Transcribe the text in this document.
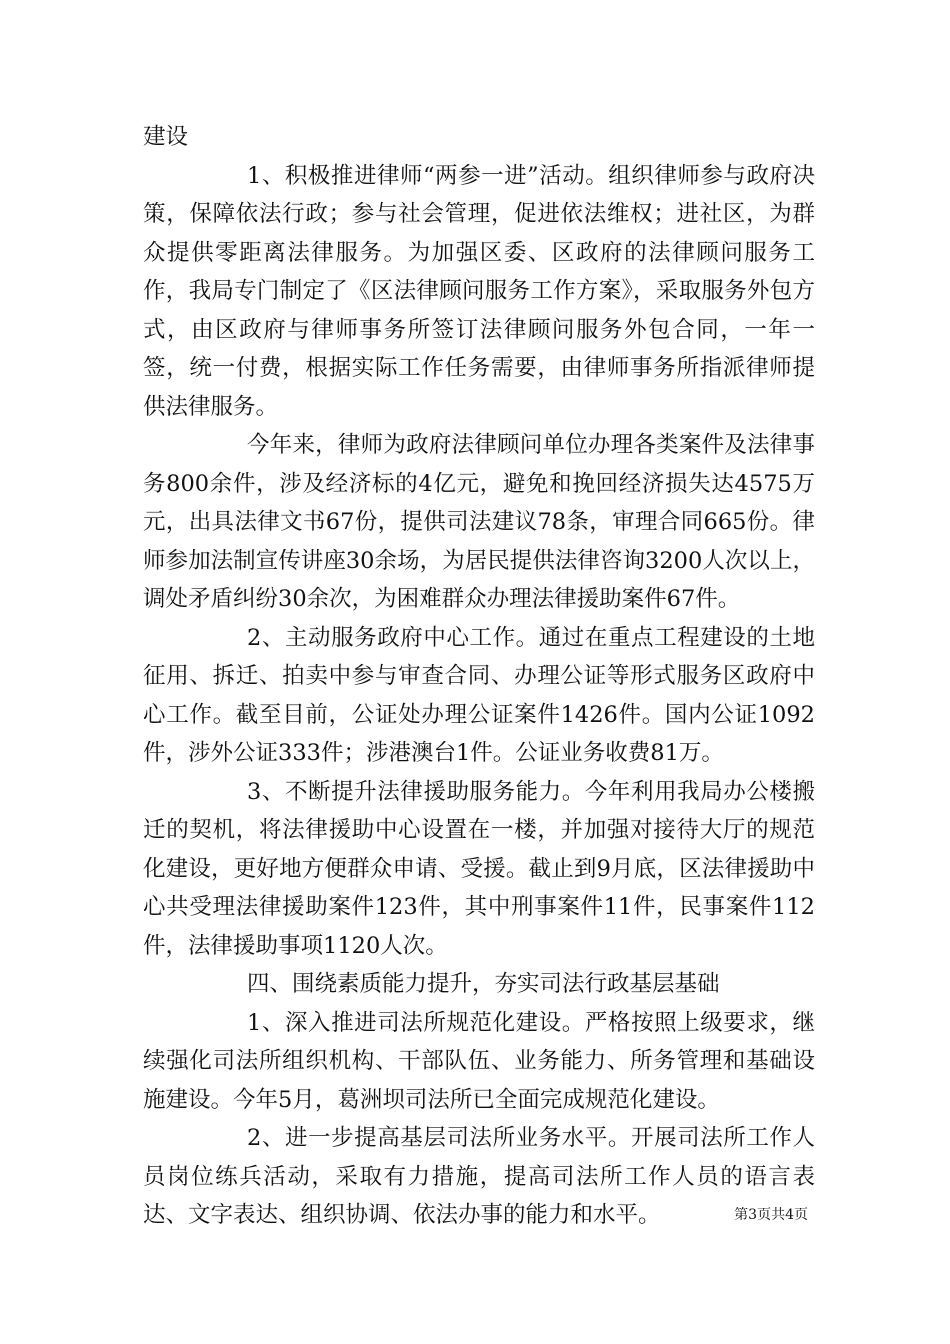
建设

1、积极推进律师“两参一进”活动。组织律师参与政府决策，保障依法行政；参与社会管理，促进依法维权；进社区，为群众提供零距离法律服务。为加强区委、区政府的法律顾问服务工作，我局专门制定了《区法律顾问服务工作方案》，采取服务外包方式，由区政府与律师事务所签订法律顾问服务外包合同，一年一签，统一付费，根据实际工作任务需要，由律师事务所指派律师提供法律服务。

今年来，律师为政府法律顾问单位办理各类案件及法律事务800余件，涉及经济标的4亿元，避免和挽回经济损失达4575万元，出具法律文书67份，提供司法建议78条，审理合同665份。律师参加法制宣传讲座30余场，为居民提供法律咨询3200人次以上，调处矛盾纠纷30余次，为困难群众办理法律援助案件67件。

2、主动服务政府中心工作。通过在重点工程建设的土地征用、拆迁、拍卖中参与审查合同、办理公证等形式服务区政府中心工作。截至目前，公证处办理公证案件1426件。国内公证1092件，涉外公证333件；涉港澳台1件。公证业务收费81万。

3、不断提升法律援助服务能力。今年利用我局办公楼搬迁的契机，将法律援助中心设置在一楼，并加强对接待大厅的规范化建设，更好地方便群众申请、受援。截止到9月底，区法律援助中心共受理法律援助案件123件，其中刑事案件11件，民事案件112件，法律援助事项1120人次。

四、围绕素质能力提升，夯实司法行政基层基础

1、深入推进司法所规范化建设。严格按照上级要求，继续强化司法所组织机构、干部队伍、业务能力、所务管理和基础设施建设。今年5月，葛洲坝司法所已全面完成规范化建设。

2、进一步提高基层司法所业务水平。开展司法所工作人员岗位练兵活动，采取有力措施，提高司法所工作人员的语言表达、文字表达、组织协调、依法办事的能力和水平。	第3页共4页
